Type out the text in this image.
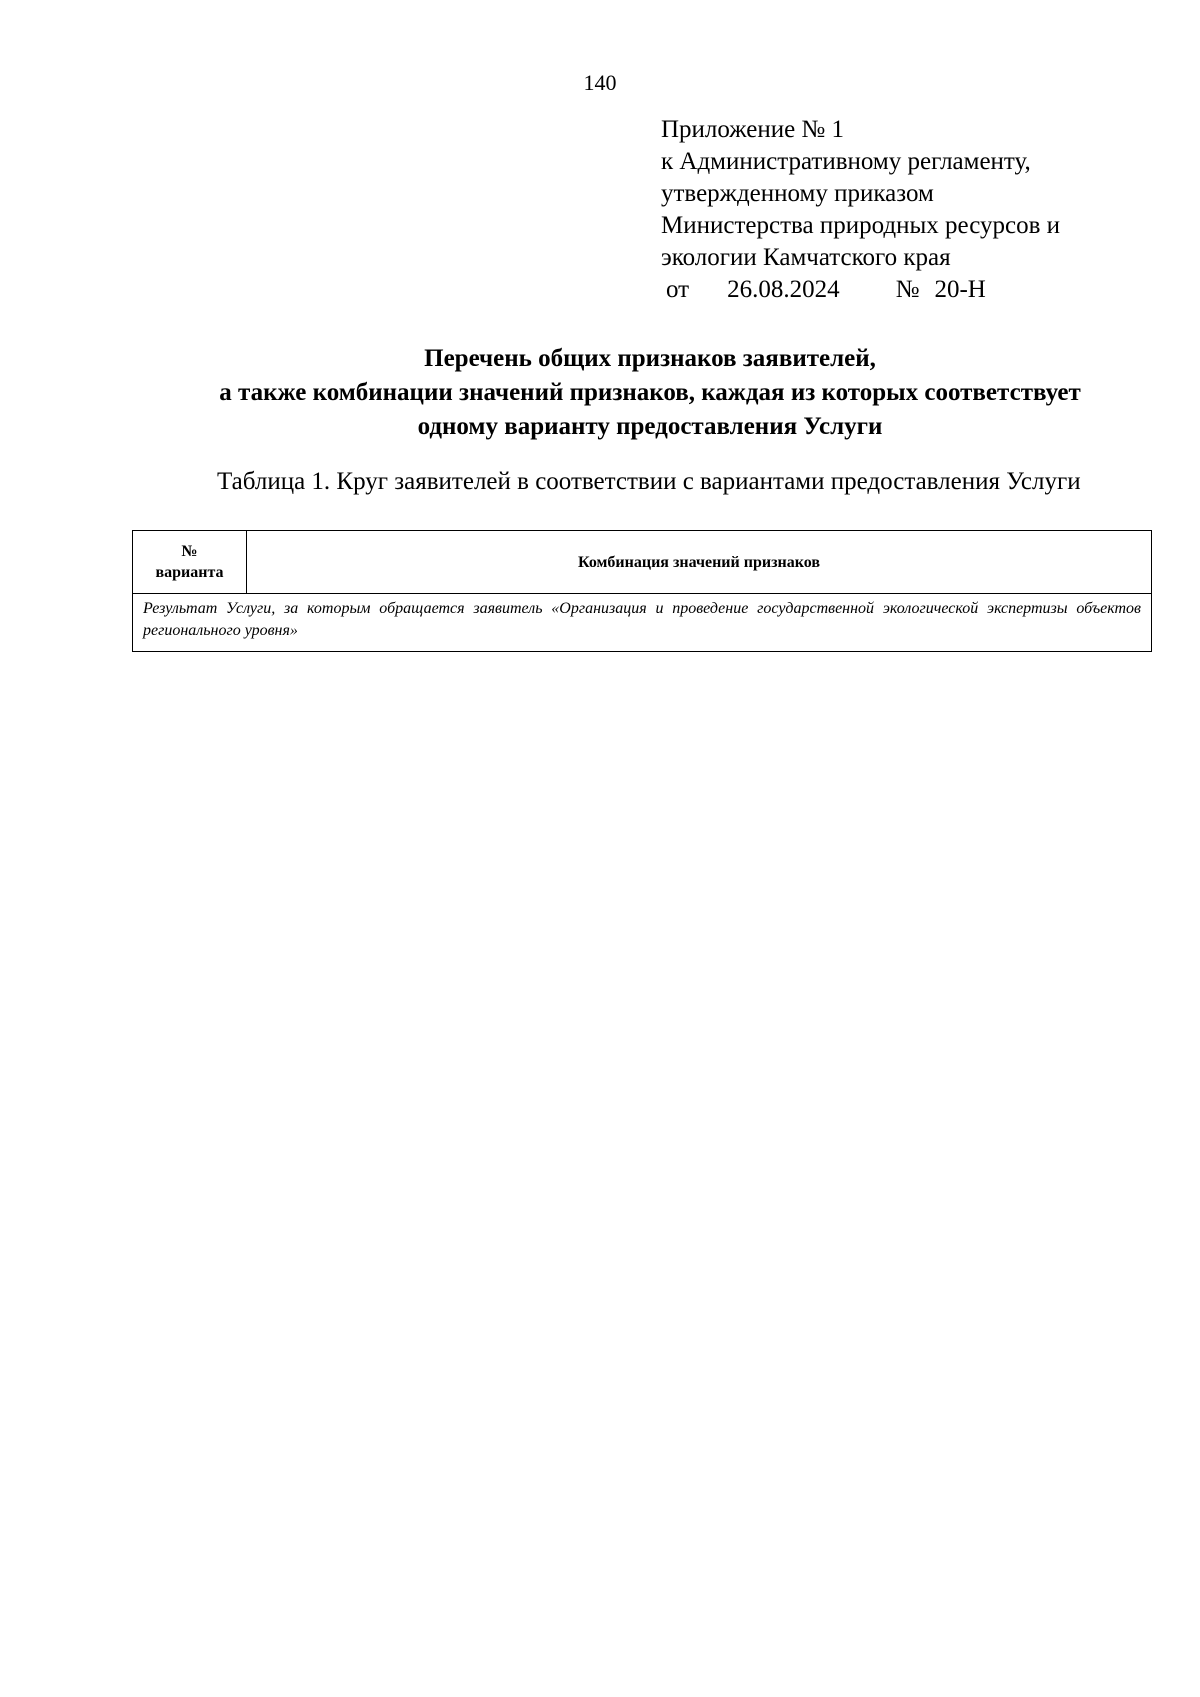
140
Приложение № 1
к Административному регламенту,
утвержденному приказом
Министерства природных ресурсов и
экологии Камчатского края
от 26.08.2024 № 20-Н
Перечень общих признаков заявителей,
а также комбинации значений признаков, каждая из которых соответствует
одному варианту предоставления Услуги
Таблица 1. Круг заявителей в соответствии с вариантами предоставления Услуги
№
варианта	Комбинация значений признаков
Результат Услуги, за которым обращается заявитель «Организация и проведение государственной экологической экспертизы объектов регионального уровня»
